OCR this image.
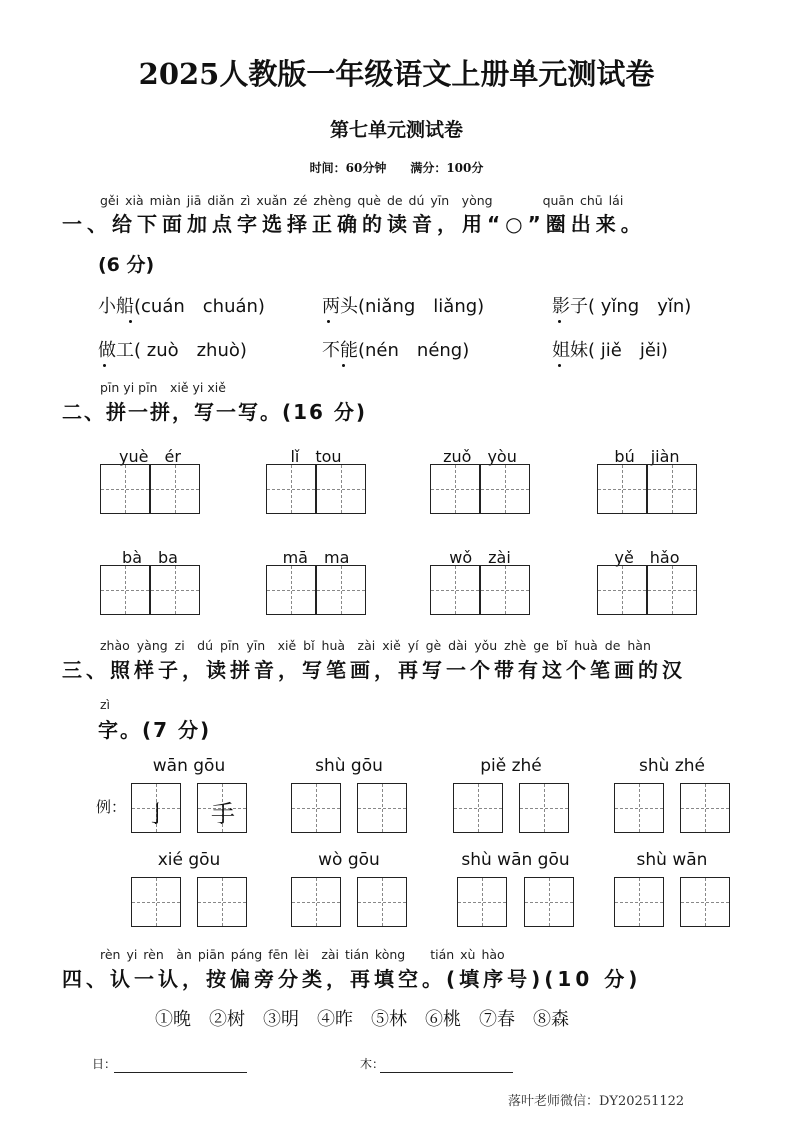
2025人教版一年级语文上册单元测试卷
第七单元测试卷
时间：60分钟　　满分：100分
gěi xià miàn jiā diǎn zì xuǎn zé zhèng què de dú yīn　yòng　　　　quān chū lái
一、给下面加点字选择正确的读音，用“○”圈出来。
(6 分)
小船(cuán　chuán)	两头(niǎng　liǎng)	影子( yǐng　yǐn)
做工( zuò　zhuò)	不能(nén　néng)	姐妹( jiě　jěi)
pīn yi pīn　xiě yi xiě
二、拼一拼，写一写。(16 分)
zhào yàng zi　dú pīn yīn　xiě bǐ huà　zài xiě yí gè dài yǒu zhè ge bǐ huà de hàn
三、照样子，读拼音，写笔画，再写一个带有这个笔画的汉
zì
字。(7 分)
例：
rèn yi rèn　àn piān páng fēn lèi　zài tián kòng　　tián xù hào
四、认一认，按偏旁分类，再填空。(填序号)(10 分)
①晚　②树　③明　④昨　⑤林　⑥桃　⑦春　⑧森
日：	木：
落叶老师微信：DY20251122
yuè　ér	lǐ　tou	zuǒ　yòu	bú　jiàn
bà　ba	mā　ma	wǒ　zài	yě　hǎo
wān gōu
亅	手
shù gōu	piě zhé	shù zhé
xié gōu	wò gōu	shù wān gōu	shù wān
